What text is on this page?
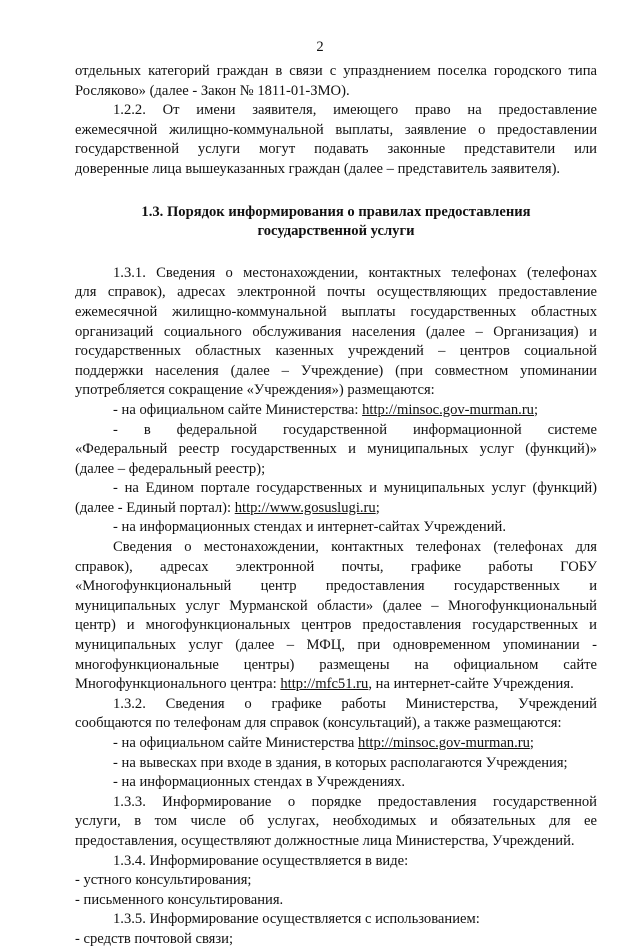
2

отдельных категорий граждан в связи с упразднением поселка городского типа

Росляково» (далее - Закон № 1811-01-ЗМО).

1.2.2. От имени заявителя, имеющего право на предоставление

ежемесячной жилищно-коммунальной выплаты, заявление о предоставлении

государственной услуги могут подавать законные представители или

доверенные лица вышеуказанных граждан (далее – представитель заявителя).

1.3. Порядок информирования о правилах предоставления

государственной услуги

1.3.1. Сведения о местонахождении, контактных телефонах (телефонах

для справок), адресах электронной почты осуществляющих предоставление

ежемесячной жилищно-коммунальной выплаты государственных областных

организаций социального обслуживания населения (далее – Организация) и

государственных областных казенных учреждений – центров социальной

поддержки населения (далее – Учреждение) (при совместном упоминании

употребляется сокращение «Учреждения») размещаются:

- на официальном сайте Министерства: http://minsoc.gov-murman.ru;

- в федеральной государственной информационной системе

«Федеральный реестр государственных и муниципальных услуг (функций)»

(далее – федеральный реестр);

- на Едином портале государственных и муниципальных услуг (функций)

(далее - Единый портал): http://www.gosuslugi.ru;

- на информационных стендах и интернет-сайтах Учреждений.

Сведения о местонахождении, контактных телефонах (телефонах для

справок), адресах электронной почты, графике работы ГОБУ

«Многофункциональный центр предоставления государственных и

муниципальных услуг Мурманской области» (далее – Многофункциональный

центр) и многофункциональных центров предоставления государственных и

муниципальных услуг (далее – МФЦ, при одновременном упоминании -

многофункциональные центры) размещены на официальном сайте

Многофункционального центра: http://mfc51.ru, на интернет-сайте Учреждения.

1.3.2. Сведения о графике работы Министерства, Учреждений

сообщаются по телефонам для справок (консультаций), а также размещаются:

- на официальном сайте Министерства http://minsoc.gov-murman.ru;

- на вывесках при входе в здания, в которых располагаются Учреждения;

- на информационных стендах в Учреждениях.

1.3.3. Информирование о порядке предоставления государственной

услуги, в том числе об услугах, необходимых и обязательных для ее

предоставления, осуществляют должностные лица Министерства, Учреждений.

1.3.4. Информирование осуществляется в виде:

- устного консультирования;

- письменного консультирования.

1.3.5. Информирование осуществляется с использованием:

- средств почтовой связи;
